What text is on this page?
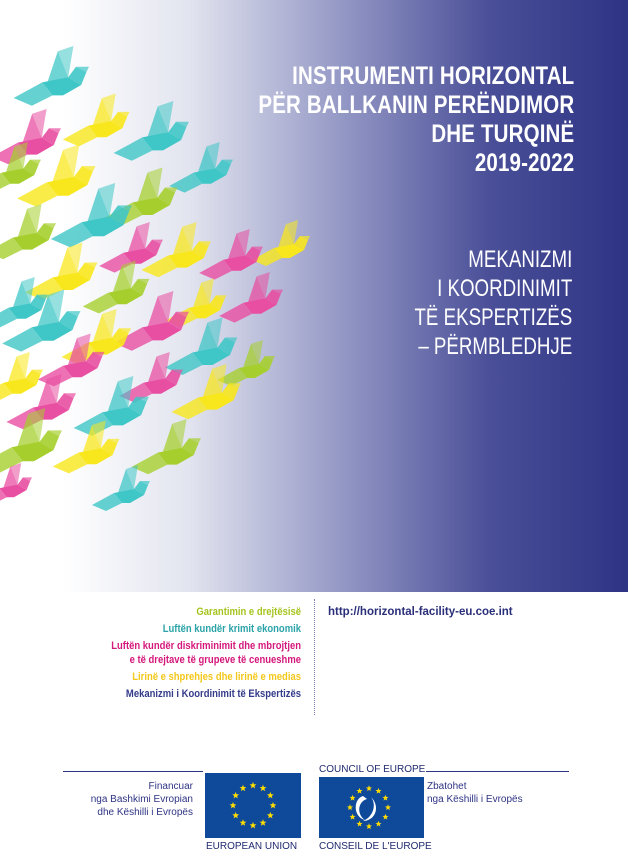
INSTRUMENTI HORIZONTAL
PËR BALLKANIN PERËNDIMOR
DHE TURQINË
2019-2022
MEKANIZMI
I KOORDINIMIT
TË EKSPERTIZËS
– PËRMBLEDHJE
Garantimin e drejtësisë
Luftën kundër krimit ekonomik
Luftën kundër diskriminimit dhe mbrojtjen
e të drejtave të grupeve të cenueshme
Lirinë e shprehjes dhe lirinë e medias
Mekanizmi i Koordinimit të Ekspertizës
http://horizontal-facility-eu.coe.int
Financuar
nga Bashkimi Evropian
dhe Këshilli i Evropës
EUROPEAN UNION
COUNCIL OF EUROPE
CONSEIL DE L'EUROPE
Zbatohet
nga Këshilli i Evropës
